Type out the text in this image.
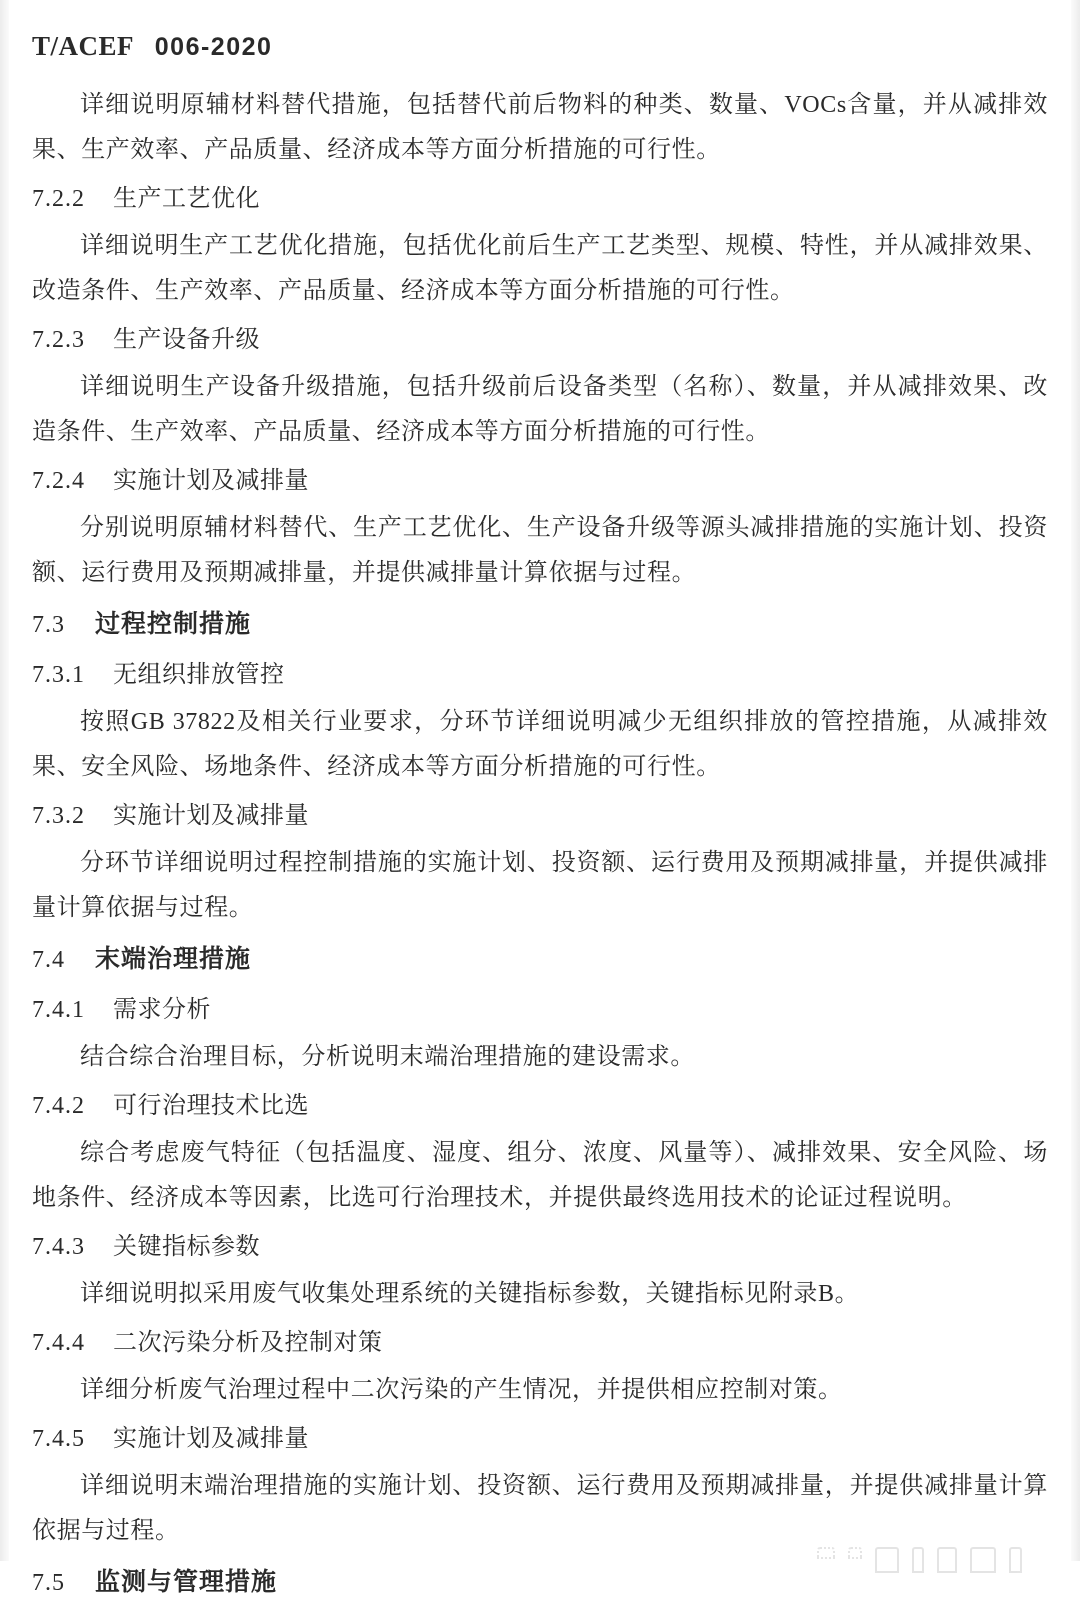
T/ACEF 006-2020

详细说明原辅材料替代措施，包括替代前后物料的种类、数量、VOCs含量，并从减排效果、生产效率、产品质量、经济成本等方面分析措施的可行性。

7.2.2 生产工艺优化

详细说明生产工艺优化措施，包括优化前后生产工艺类型、规模、特性，并从减排效果、改造条件、生产效率、产品质量、经济成本等方面分析措施的可行性。

7.2.3 生产设备升级

详细说明生产设备升级措施，包括升级前后设备类型（名称）、数量，并从减排效果、改造条件、生产效率、产品质量、经济成本等方面分析措施的可行性。

7.2.4 实施计划及减排量

分别说明原辅材料替代、生产工艺优化、生产设备升级等源头减排措施的实施计划、投资额、运行费用及预期减排量，并提供减排量计算依据与过程。

7.3 过程控制措施
7.3.1 无组织排放管控

按照GB 37822及相关行业要求，分环节详细说明减少无组织排放的管控措施，从减排效果、安全风险、场地条件、经济成本等方面分析措施的可行性。

7.3.2 实施计划及减排量

分环节详细说明过程控制措施的实施计划、投资额、运行费用及预期减排量，并提供减排量计算依据与过程。

7.4 末端治理措施
7.4.1 需求分析

结合综合治理目标，分析说明末端治理措施的建设需求。

7.4.2 可行治理技术比选

综合考虑废气特征（包括温度、湿度、组分、浓度、风量等）、减排效果、安全风险、场地条件、经济成本等因素，比选可行治理技术，并提供最终选用技术的论证过程说明。

7.4.3 关键指标参数

详细说明拟采用废气收集处理系统的关键指标参数，关键指标见附录B。

7.4.4 二次污染分析及控制对策

详细分析废气治理过程中二次污染的产生情况，并提供相应控制对策。

7.4.5 实施计划及减排量

详细说明末端治理措施的实施计划、投资额、运行费用及预期减排量，并提供减排量计算依据与过程。

7.5 监测与管理措施
